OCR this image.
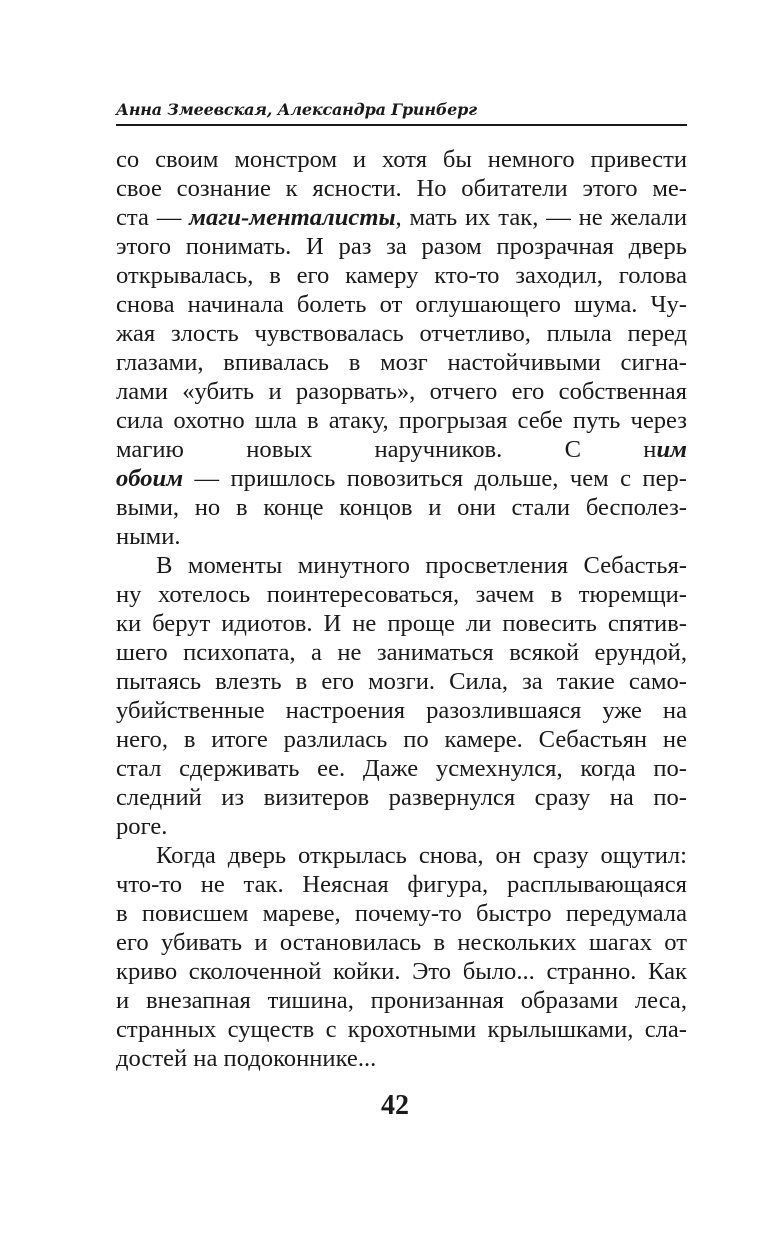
Анна Змеевская, Александра Гринберг
со своим монстром и хотя бы немного привести
свое сознание к ясности. Но обитатели этого ме-
ста — маги-менталисты, мать их так, — не желали
этого понимать. И раз за разом прозрачная дверь
открывалась, в его камеру кто-то заходил, голова
снова начинала болеть от оглушающего шума. Чу-
жая злость чувствовалась отчетливо, плыла перед
глазами, впивалась в мозг настойчивыми сигна-
лами «убить и разорвать», отчего его собственная
сила охотно шла в атаку, прогрызая себе путь через
магию новых наручников. С ним
обоим — пришлось повозиться дольше, чем с пер-
выми, но в конце концов и они стали бесполез-
ными.
В моменты минутного просветления Себастья-
ну хотелось поинтересоваться, зачем в тюремщи-
ки берут идиотов. И не проще ли повесить спятив-
шего психопата, а не заниматься всякой ерундой,
пытаясь влезть в его мозги. Сила, за такие само-
убийственные настроения разозлившаяся уже на
него, в итоге разлилась по камере. Себастьян не
стал сдерживать ее. Даже усмехнулся, когда по-
следний из визитеров развернулся сразу на по-
роге.
Когда дверь открылась снова, он сразу ощутил:
что-то не так. Неясная фигура, расплывающаяся
в повисшем мареве, почему-то быстро передумала
его убивать и остановилась в нескольких шагах от
криво сколоченной койки. Это было... странно. Как
и внезапная тишина, пронизанная образами леса,
странных существ с крохотными крылышками, сла-
достей на подоконнике...
42
